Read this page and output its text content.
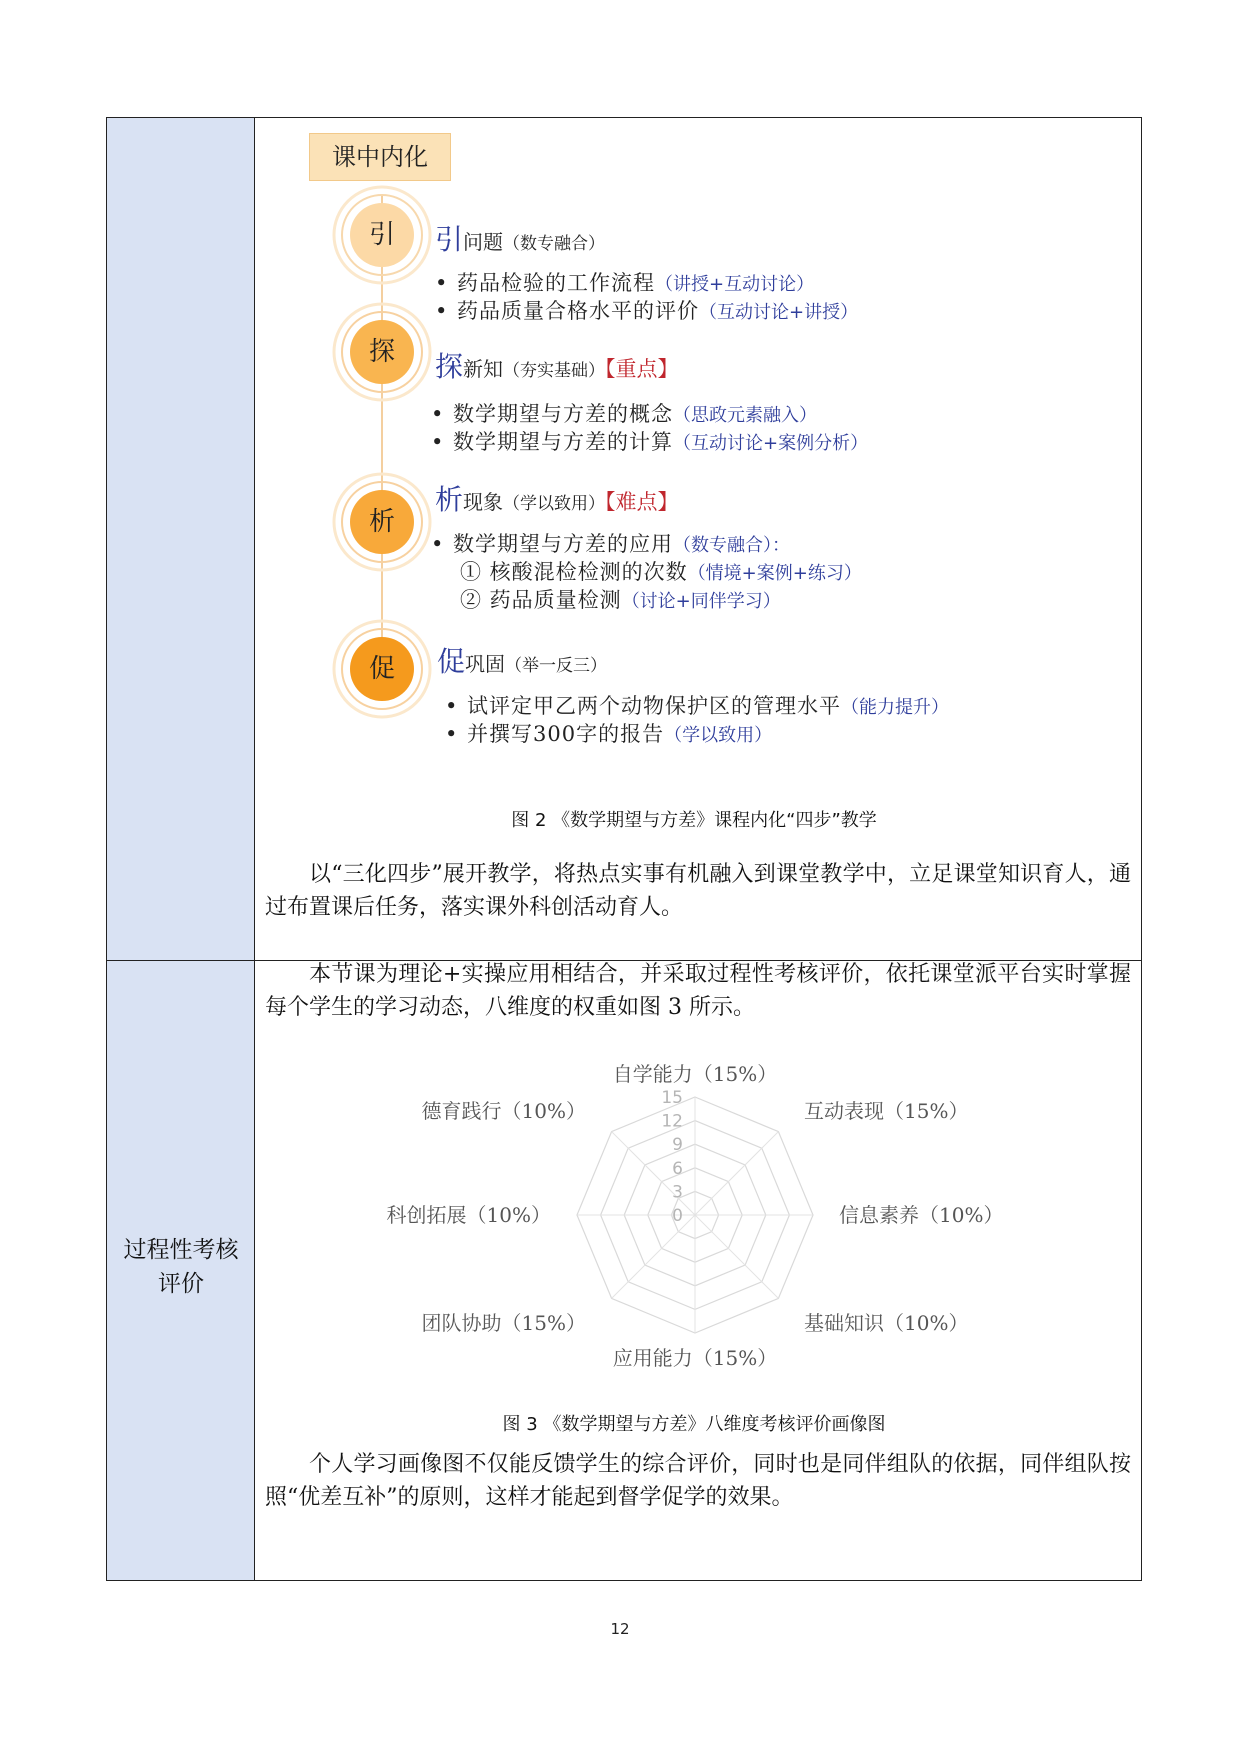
过程性考核
评价
课中内化
引	引问题（数专融合）
• 药品检验的工作流程（讲授+互动讨论）
• 药品质量合格水平的评价（互动讨论+讲授）
探	探新知（夯实基础）【重点】
• 数学期望与方差的概念（思政元素融入）
• 数学期望与方差的计算（互动讨论+案例分析）
析
析现象（学以致用）【难点】
• 数学期望与方差的应用（数专融合）：
① 核酸混检检测的次数（情境+案例+练习）
② 药品质量检测（讨论+同伴学习）
促	促巩固（举一反三）
• 试评定甲乙两个动物保护区的管理水平（能力提升）
• 并撰写300字的报告（学以致用）
图 2 《数学期望与方差》课程内化“四步”教学
以“三化四步”展开教学，将热点实事有机融入到课堂教学中，立足课堂知识育人，通过布置课后任务，落实课外科创活动育人。
本节课为理论+实操应用相结合，并采取过程性考核评价，依托课堂派平台实时掌握每个学生的学习动态，八维度的权重如图 3 所示。
0
3
6
9
12
15
自学能力（15%）
互动表现（15%）
信息素养（10%）
基础知识（10%）
应用能力（15%）
团队协助（15%）
科创拓展（10%）
德育践行（10%）
图 3 《数学期望与方差》八维度考核评价画像图
个人学习画像图不仅能反馈学生的综合评价，同时也是同伴组队的依据，同伴组队按照“优差互补”的原则，这样才能起到督学促学的效果。
12
